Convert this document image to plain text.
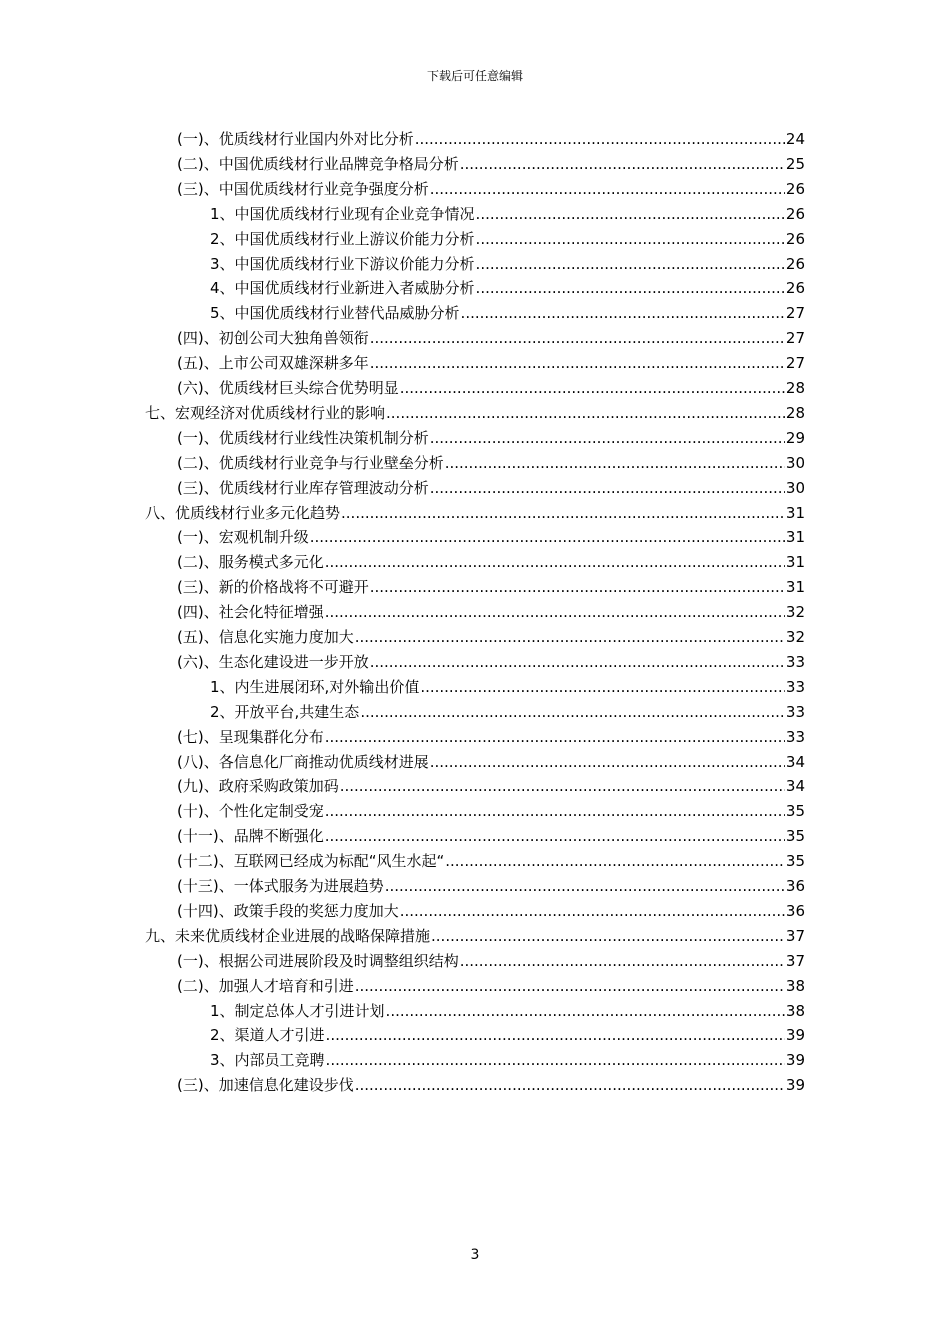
下载后可任意编辑
(一)、优质线材行业国内外对比分析 .....	24
(二)、中国优质线材行业品牌竞争格局分析 .....	25
(三)、中国优质线材行业竞争强度分析 .....	26
1、中国优质线材行业现有企业竞争情况 .....	26
2、中国优质线材行业上游议价能力分析 .....	26
3、中国优质线材行业下游议价能力分析 .....	26
4、中国优质线材行业新进入者威胁分析 .....	26
5、中国优质线材行业替代品威胁分析 .....	27
(四)、初创公司大独角兽领衔 .....	27
(五)、上市公司双雄深耕多年 .....	27
(六)、优质线材巨头综合优势明显 .....	28
七、宏观经济对优质线材行业的影响 .....	28
(一)、优质线材行业线性决策机制分析 .....	29
(二)、优质线材行业竞争与行业壁垒分析 .....	30
(三)、优质线材行业库存管理波动分析 .....	30
八、优质线材行业多元化趋势 .....	31
(一)、宏观机制升级 .....	31
(二)、服务模式多元化 .....	31
(三)、新的价格战将不可避开 .....	31
(四)、社会化特征增强 .....	32
(五)、信息化实施力度加大 .....	32
(六)、生态化建设进一步开放 .....	33
1、内生进展闭环,对外输出价值 .....	33
2、开放平台,共建生态 .....	33
(七)、呈现集群化分布 .....	33
(八)、各信息化厂商推动优质线材进展 .....	34
(九)、政府采购政策加码 .....	34
(十)、个性化定制受宠 .....	35
(十一)、品牌不断强化 .....	35
(十二)、互联网已经成为标配“风生水起“ .....	35
(十三)、一体式服务为进展趋势 .....	36
(十四)、政策手段的奖惩力度加大 .....	36
九、未来优质线材企业进展的战略保障措施 .....	37
(一)、根据公司进展阶段及时调整组织结构 .....	37
(二)、加强人才培育和引进 .....	38
1、制定总体人才引进计划 .....	38
2、渠道人才引进 .....	39
3、内部员工竞聘 .....	39
(三)、加速信息化建设步伐 .....	39
3
